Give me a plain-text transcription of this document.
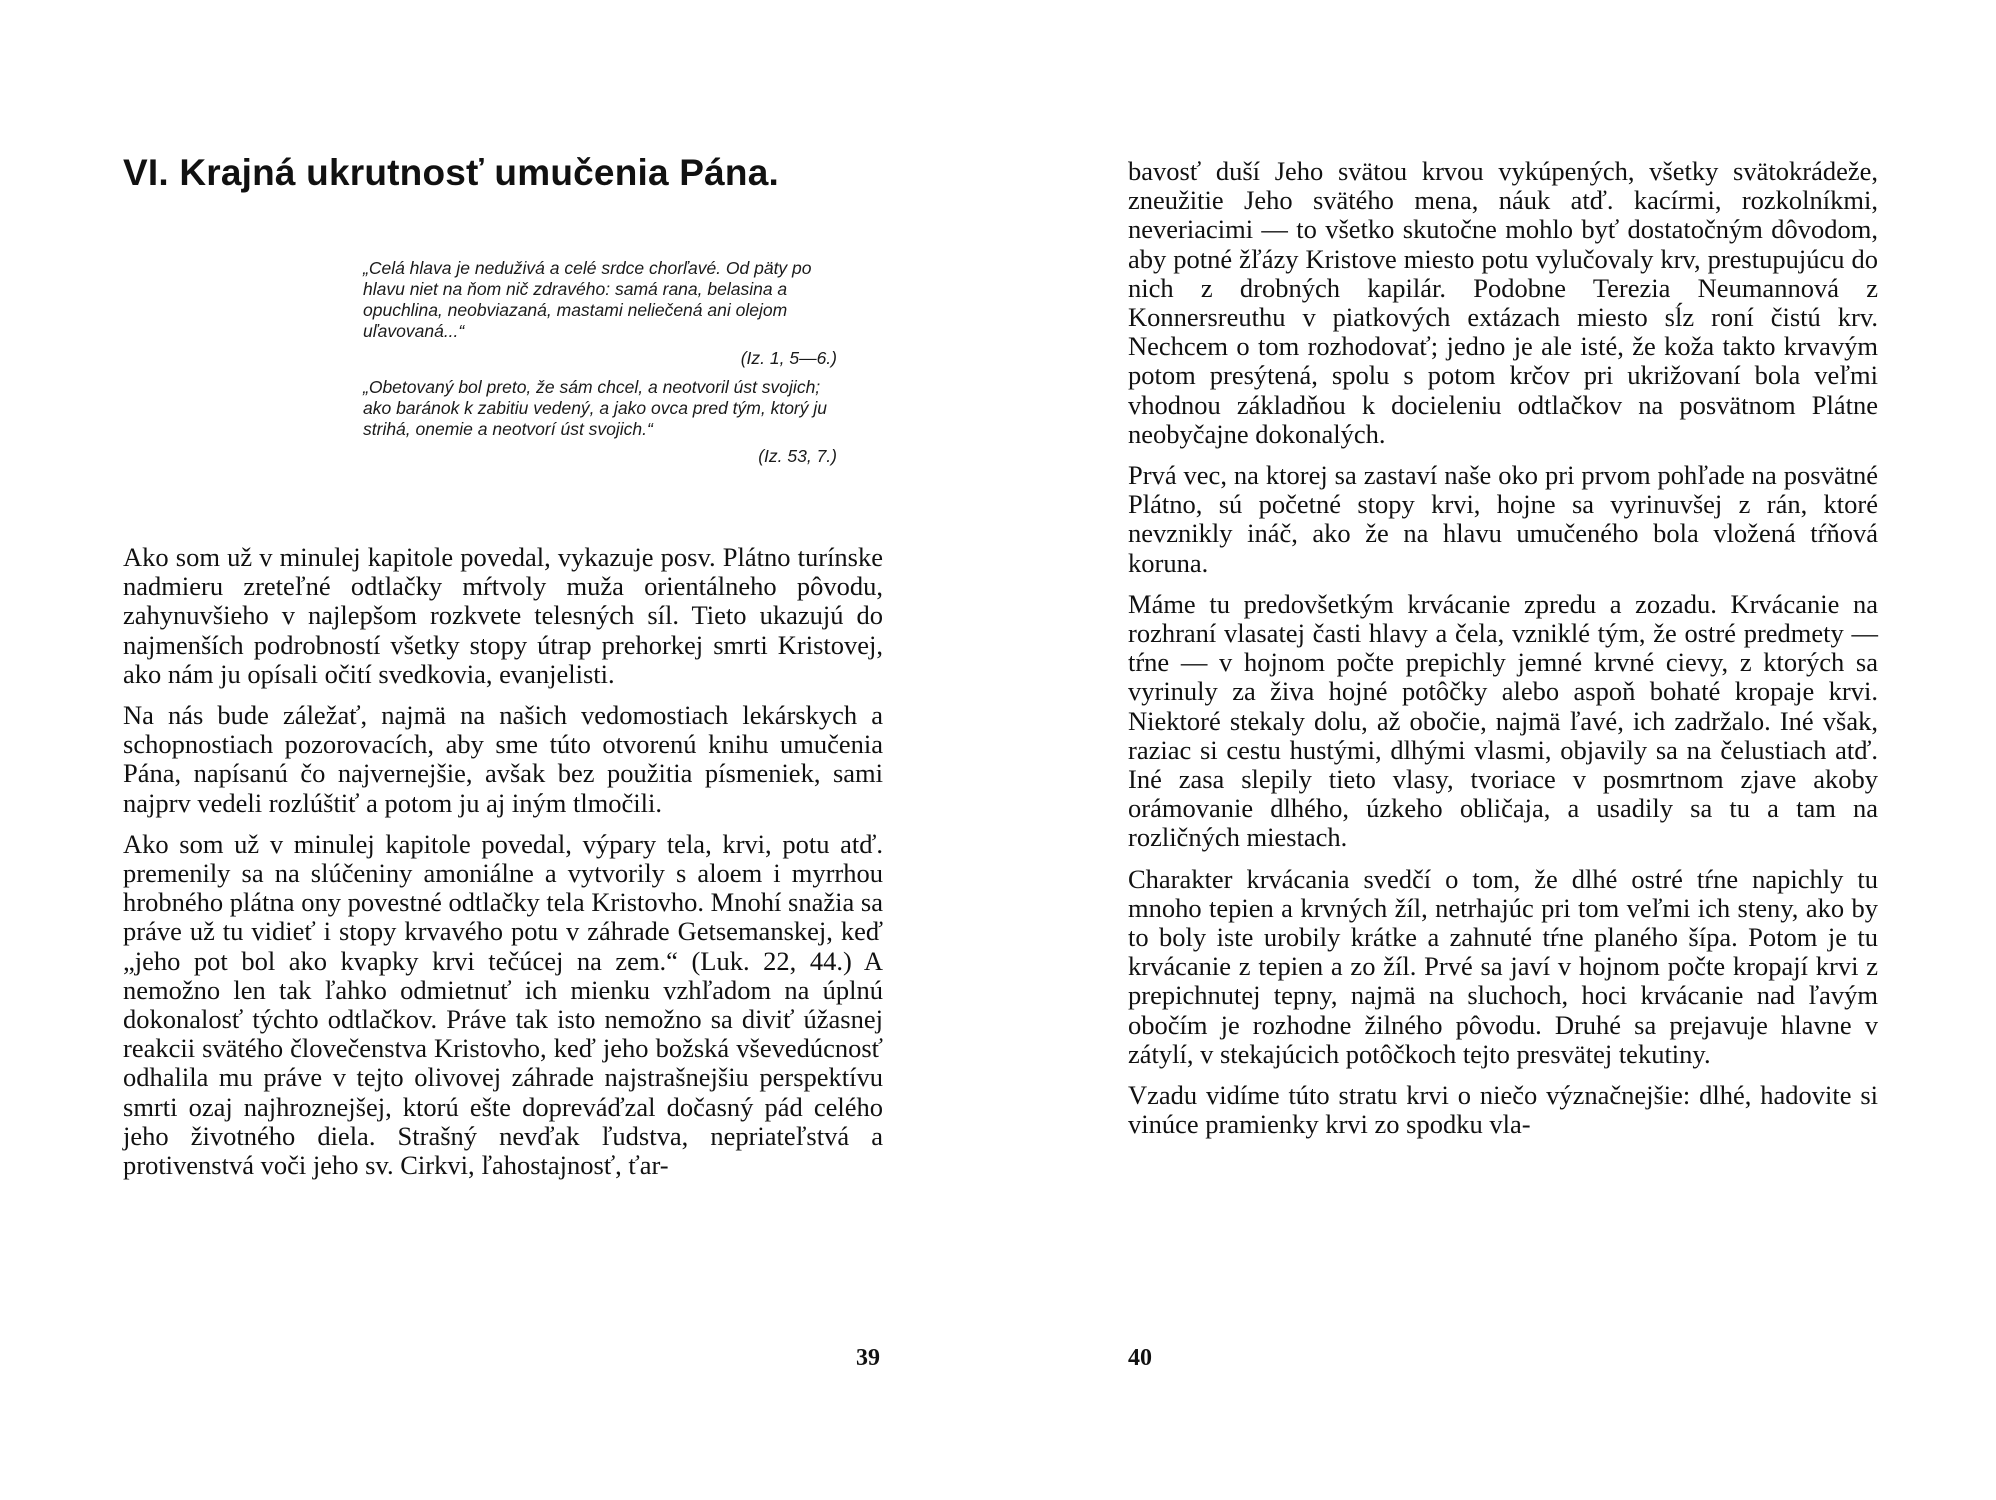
VI. Krajná ukrutnosť umučenia Pána.

„Celá hlava je neduživá a celé srdce chorľavé. Od päty po hlavu niet na ňom nič zdravého: samá rana, belasina a opuchlina, neobviazaná, mastami neliečená ani olejom uľavovaná...“

(Iz. 1, 5—6.)

„Obetovaný bol preto, že sám chcel, a neotvoril úst svojich; ako baránok k zabitiu vedený, a jako ovca pred tým, ktorý ju strihá, onemie a neotvorí úst svojich.“

(Iz. 53, 7.)

Ako som už v minulej kapitole povedal, vykazuje posv. Plátno turínske nadmieru zreteľné odtlačky mŕtvoly muža orientálneho pôvodu, zahynuvšieho v najlepšom rozkvete telesných síl. Tieto ukazujú do najmenších podrobností všetky stopy útrap prehorkej smrti Kristovej, ako nám ju opísali očití svedkovia, evanjelisti.

Na nás bude záležať, najmä na našich vedomostiach lekárskych a schopnostiach pozorovacích, aby sme túto otvorenú knihu umučenia Pána, napísanú čo najvernejšie, avšak bez použitia písmeniek, sami najprv vedeli rozlúštiť a potom ju aj iným tlmočili.

Ako som už v minulej kapitole povedal, výpary tela, krvi, potu atď. premenily sa na slúčeniny amoniálne a vytvorily s aloem i myrrhou hrobného plátna ony povestné odtlačky tela Kristovho. Mnohí snažia sa práve už tu vidieť i stopy krvavého potu v záhrade Getsemanskej, keď „jeho pot bol ako kvapky krvi tečúcej na zem.“ (Luk. 22, 44.) A nemožno len tak ľahko odmietnuť ich mienku vzhľadom na úplnú dokonalosť týchto odtlačkov. Práve tak isto nemožno sa diviť úžasnej reakcii svätého človečenstva Kristovho, keď jeho božská vševedúcnosť odhalila mu práve v tejto olivovej záhrade najstrašnejšiu perspektívu smrti ozaj najhroznejšej, ktorú ešte dopreváďzal dočasný pád celého jeho životného diela. Strašný nevďak ľudstva, nepriateľstvá a protivenstvá voči jeho sv. Cirkvi, ľahostajnosť, ťar-

39

bavosť duší Jeho svätou krvou vykúpených, všetky svätokrádeže, zneužitie Jeho svätého mena, náuk atď. kacírmi, rozkolníkmi, neveriacimi — to všetko skutočne mohlo byť dostatočným dôvodom, aby potné žľázy Kristove miesto potu vylučovaly krv, prestupujúcu do nich z drobných kapilár. Podobne Terezia Neumannová z Konnersreuthu v piatkových extázach miesto sĺz roní čistú krv. Nechcem o tom rozhodovať; jedno je ale isté, že koža takto krvavým potom presýtená, spolu s potom krčov pri ukrižovaní bola veľmi vhodnou základňou k docieleniu odtlačkov na posvätnom Plátne neobyčajne dokonalých.

Prvá vec, na ktorej sa zastaví naše oko pri prvom pohľade na posvätné Plátno, sú početné stopy krvi, hojne sa vyrinuvšej z rán, ktoré nevznikly ináč, ako že na hlavu umučeného bola vložená tŕňová koruna.

Máme tu predovšetkým krvácanie zpredu a zozadu. Krvácanie na rozhraní vlasatej časti hlavy a čela, vzniklé tým, že ostré predmety — tŕne — v hojnom počte prepichly jemné krvné cievy, z ktorých sa vyrinuly za živa hojné potôčky alebo aspoň bohaté kropaje krvi. Niektoré stekaly dolu, až obočie, najmä ľavé, ich zadržalo. Iné však, raziac si cestu hustými, dlhými vlasmi, objavily sa na čelustiach atď. Iné zasa slepily tieto vlasy, tvoriace v posmrtnom zjave akoby orámovanie dlhého, úzkeho obličaja, a usadily sa tu a tam na rozličných miestach.

Charakter krvácania svedčí o tom, že dlhé ostré tŕne napichly tu mnoho tepien a krvných žíl, netrhajúc pri tom veľmi ich steny, ako by to boly iste urobily krátke a zahnuté tŕne planého šípa. Potom je tu krvácanie z tepien a zo žíl. Prvé sa javí v hojnom počte kropají krvi z prepichnutej tepny, najmä na sluchoch, hoci krvácanie nad ľavým obočím je rozhodne žilného pôvodu. Druhé sa prejavuje hlavne v zátylí, v stekajúcich potôčkoch tejto presvätej tekutiny.

Vzadu vidíme túto stratu krvi o niečo význačnejšie: dlhé, hadovite si vinúce pramienky krvi zo spodku vla-

40
